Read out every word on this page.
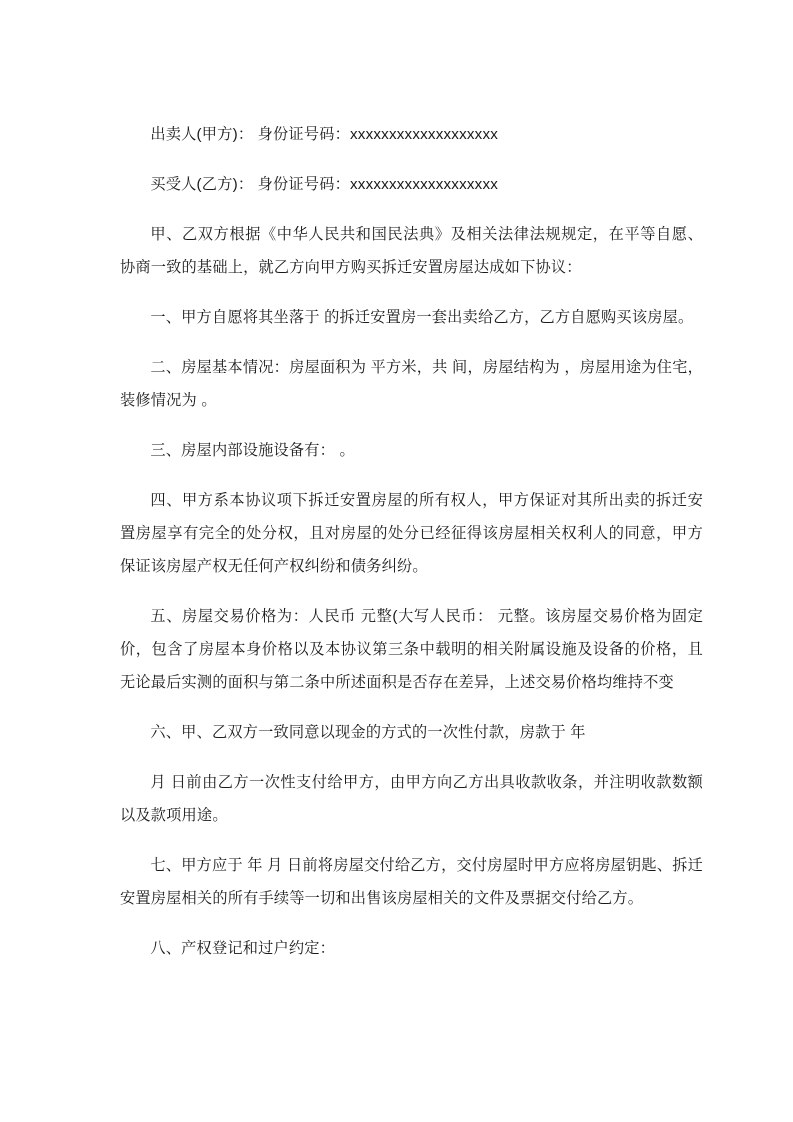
出卖人(甲方)： 身份证号码：xxxxxxxxxxxxxxxxxxx

买受人(乙方)： 身份证号码：xxxxxxxxxxxxxxxxxxx

甲、乙双方根据《中华人民共和国民法典》及相关法律法规规定，在平等自愿、协商一致的基础上，就乙方向甲方购买拆迁安置房屋达成如下协议：

一、甲方自愿将其坐落于 的拆迁安置房一套出卖给乙方，乙方自愿购买该房屋。

二、房屋基本情况：房屋面积为 平方米，共 间，房屋结构为 ，房屋用途为住宅，装修情况为 。

三、房屋内部设施设备有： 。

四、甲方系本协议项下拆迁安置房屋的所有权人，甲方保证对其所出卖的拆迁安置房屋享有完全的处分权，且对房屋的处分已经征得该房屋相关权利人的同意，甲方保证该房屋产权无任何产权纠纷和债务纠纷。

五、房屋交易价格为：人民币 元整(大写人民币： 元整。该房屋交易价格为固定价，包含了房屋本身价格以及本协议第三条中载明的相关附属设施及设备的价格，且无论最后实测的面积与第二条中所述面积是否存在差异，上述交易价格均维持不变

六、甲、乙双方一致同意以现金的方式的一次性付款，房款于 年

月 日前由乙方一次性支付给甲方，由甲方向乙方出具收款收条，并注明收款数额以及款项用途。

七、甲方应于 年 月 日前将房屋交付给乙方，交付房屋时甲方应将房屋钥匙、拆迁安置房屋相关的所有手续等一切和出售该房屋相关的文件及票据交付给乙方。

八、产权登记和过户约定：
